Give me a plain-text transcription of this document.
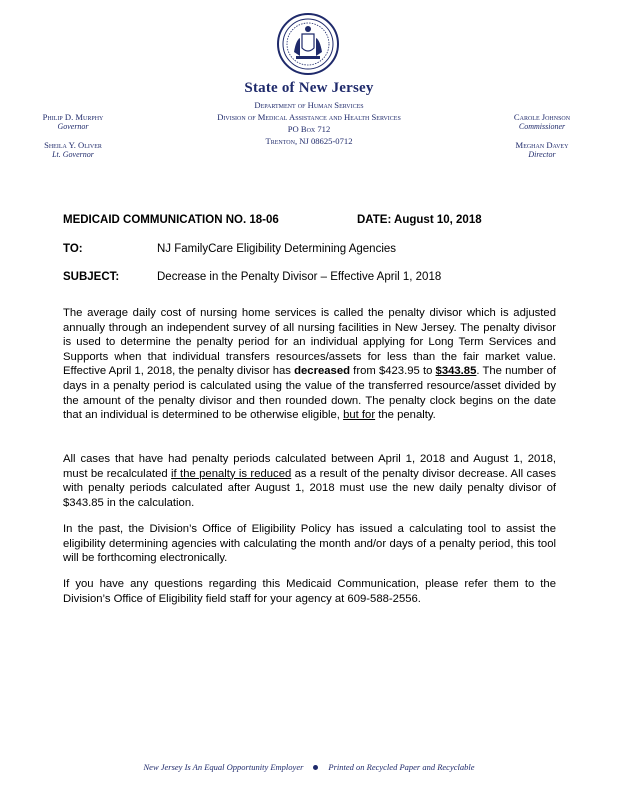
State of New Jersey
Department of Human Services
Division of Medical Assistance and Health Services
PO Box 712
Trenton, NJ 08625-0712
Philip D. Murphy
Governor
Sheila Y. Oliver
Lt. Governor
Carole Johnson
Commissioner
Meghan Davey
Director
MEDICAID COMMUNICATION NO. 18-06	DATE: August 10, 2018
TO:	NJ FamilyCare Eligibility Determining Agencies
SUBJECT:	Decrease in the Penalty Divisor – Effective April 1, 2018
The average daily cost of nursing home services is called the penalty divisor which is adjusted annually through an independent survey of all nursing facilities in New Jersey. The penalty divisor is used to determine the penalty period for an individual applying for Long Term Services and Supports when that individual transfers resources/assets for less than the fair market value. Effective April 1, 2018, the penalty divisor has decreased from $423.95 to $343.85. The number of days in a penalty period is calculated using the value of the transferred resource/asset divided by the amount of the penalty divisor and then rounded down. The penalty clock begins on the date that an individual is determined to be otherwise eligible, but for the penalty.
All cases that have had penalty periods calculated between April 1, 2018 and August 1, 2018, must be recalculated if the penalty is reduced as a result of the penalty divisor decrease. All cases with penalty periods calculated after August 1, 2018 must use the new daily penalty divisor of $343.85 in the calculation.
In the past, the Division’s Office of Eligibility Policy has issued a calculating tool to assist the eligibility determining agencies with calculating the month and/or days of a penalty period, this tool will be forthcoming electronically.
If you have any questions regarding this Medicaid Communication, please refer them to the Division’s Office of Eligibility field staff for your agency at 609-588-2556.
New Jersey Is An Equal Opportunity Employer	Printed on Recycled Paper and Recyclable
